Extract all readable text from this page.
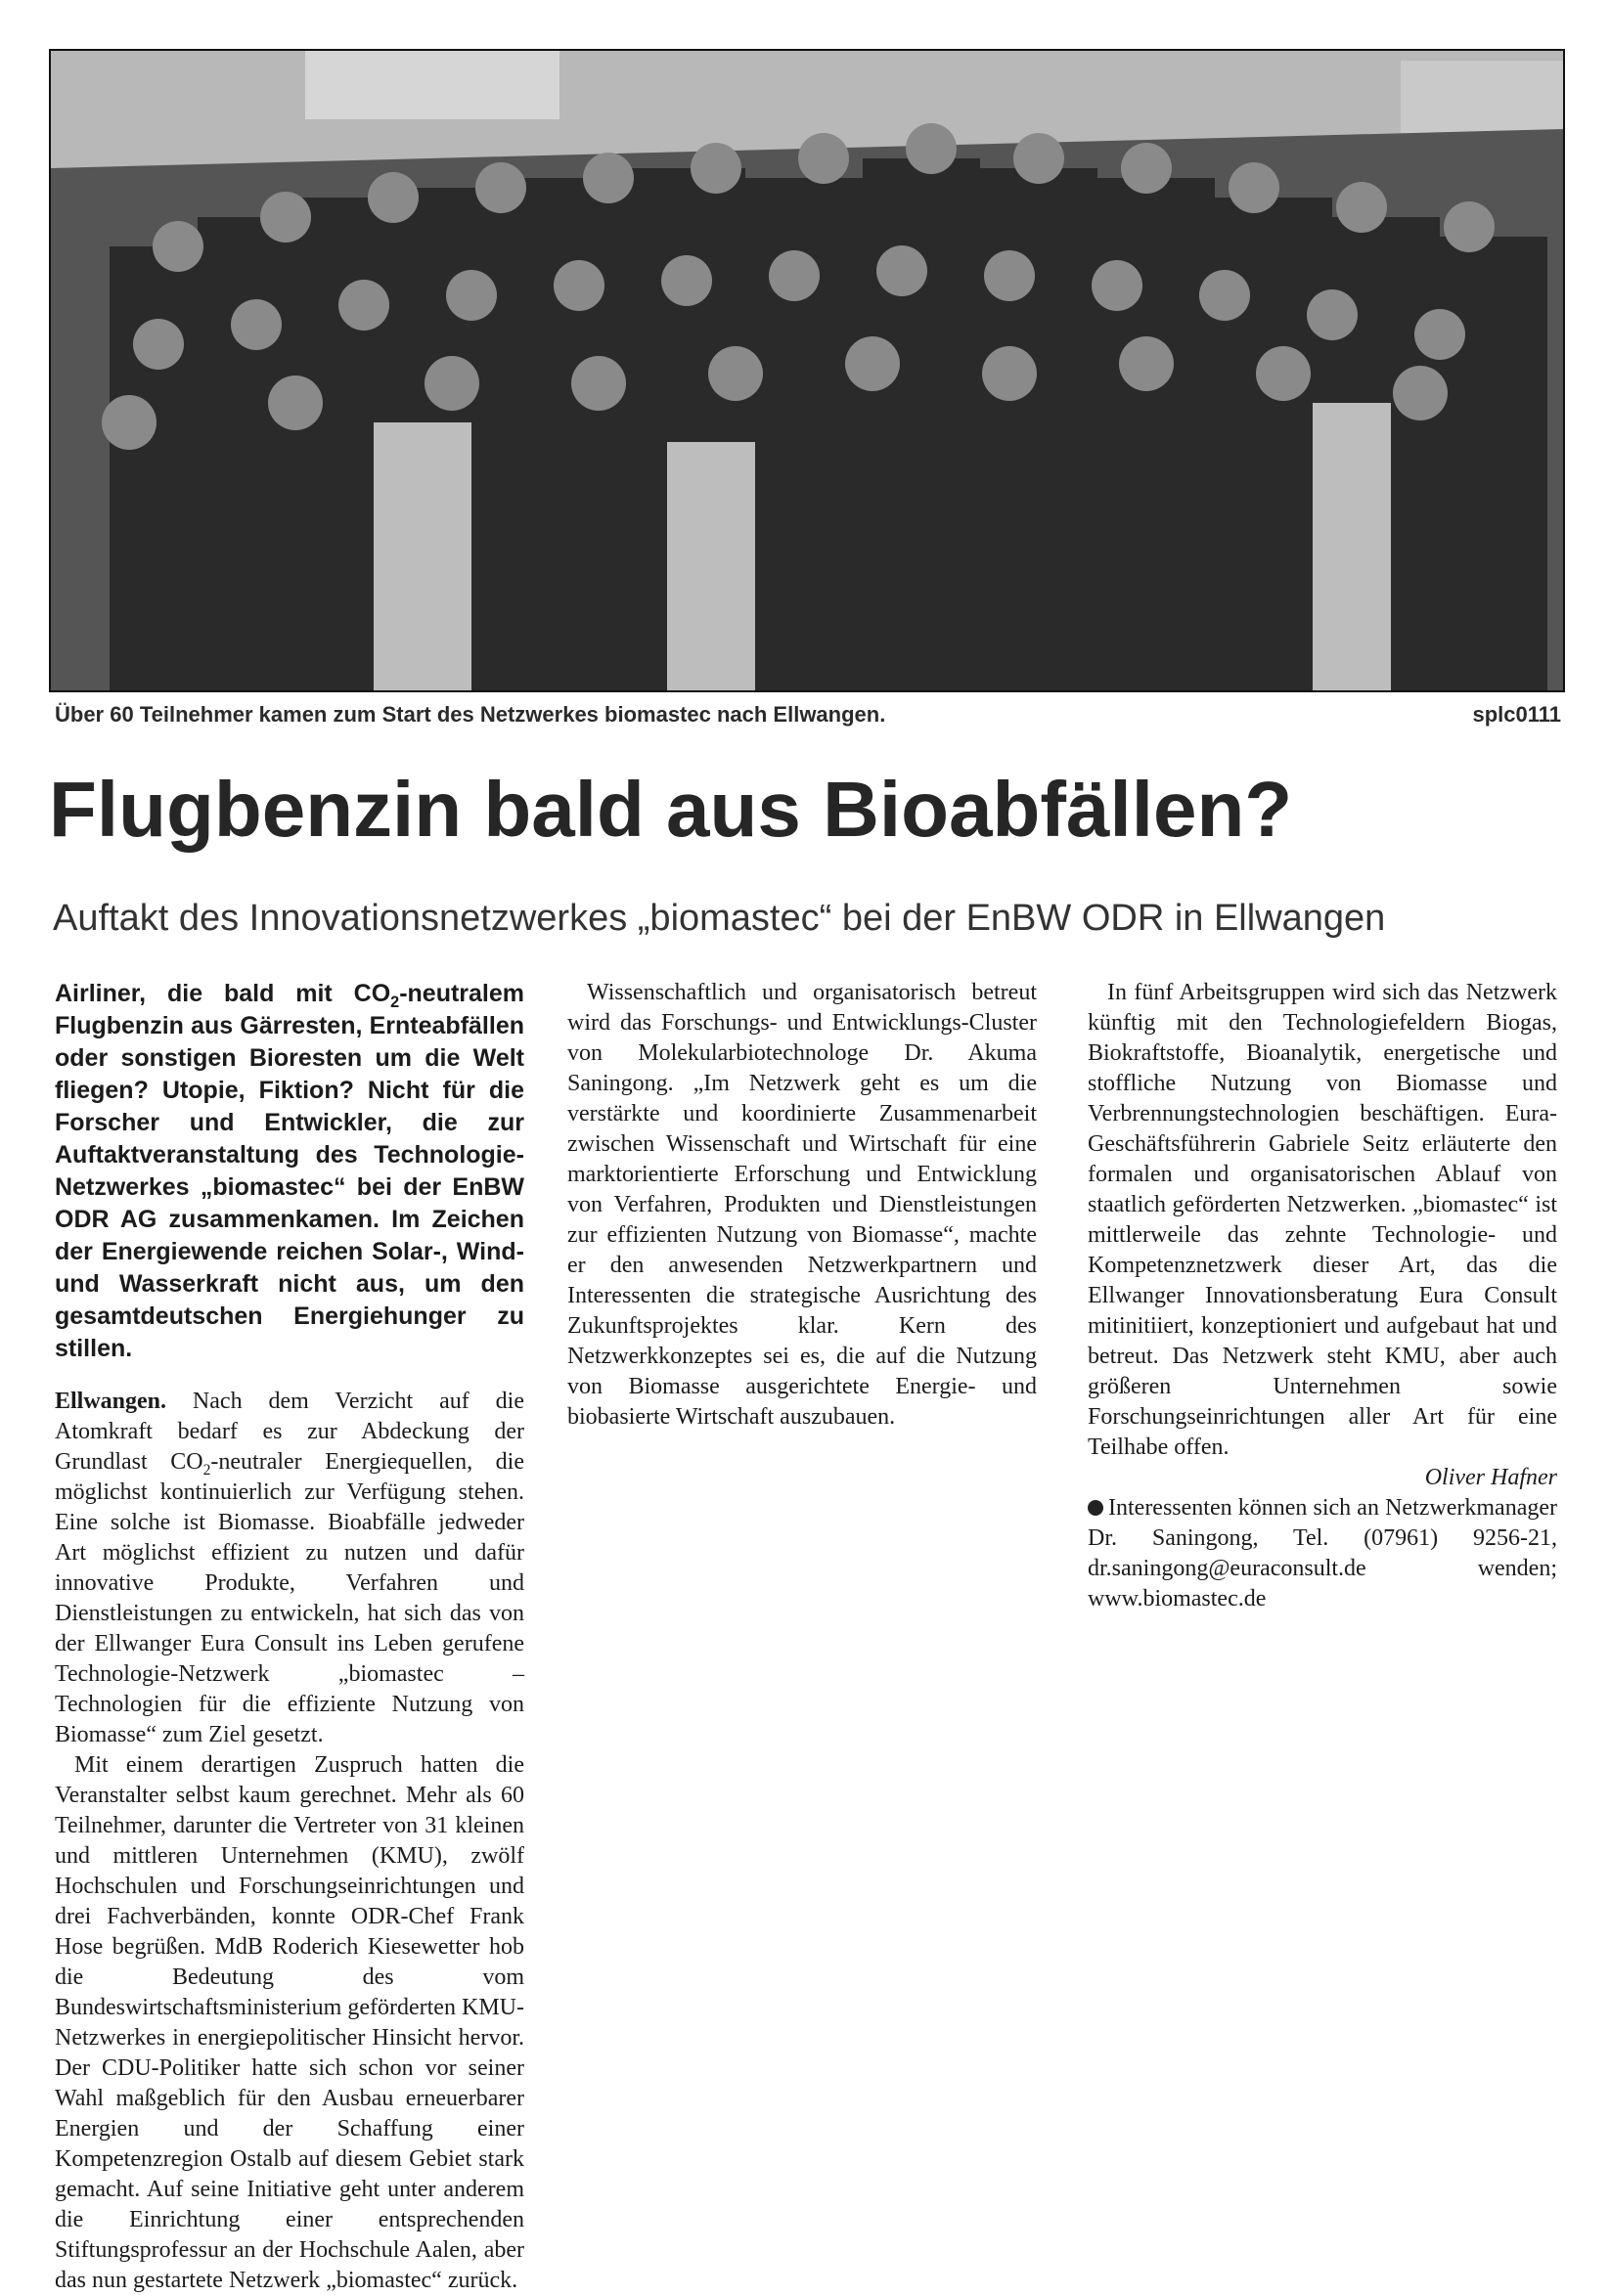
Über 60 Teilnehmer kamen zum Start des Netzwerkes biomastec nach Ellwangen.	splc0111
Flugbenzin bald aus Bioabfällen?
Auftakt des Innovationsnetzwerkes „biomastec“ bei der EnBW ODR in Ellwangen
Airliner, die bald mit $CO_2$-neutralem Flugbenzin aus Gärresten, Ernteabfällen oder sonstigen Bioresten um die Welt fliegen? Utopie, Fiktion? Nicht für die Forscher und Entwickler, die zur Auftaktveranstaltung des Technologie-Netzwerkes „biomastec“ bei der EnBW ODR AG zusammenkamen. Im Zeichen der Energiewende reichen Solar-, Wind- und Wasserkraft nicht aus, um den gesamtdeutschen Energiehunger zu stillen.

Ellwangen. Nach dem Verzicht auf die Atomkraft bedarf es zur Abdeckung der Grundlast $CO_2$-neutraler Energiequellen, die möglichst kontinuierlich zur Verfügung stehen. Eine solche ist Biomasse. Bioabfälle jedweder Art möglichst effizient zu nutzen und dafür innovative Produkte, Verfahren und Dienstleistungen zu entwickeln, hat sich das von der Ellwanger Eura Consult ins Leben gerufene Technologie-Netzwerk „biomastec – Technologien für die effiziente Nutzung von Biomasse“ zum Ziel gesetzt.

Mit einem derartigen Zuspruch hatten die Veranstalter selbst kaum gerechnet. Mehr als 60 Teilnehmer, darunter die Vertreter von 31 kleinen und mittleren Unternehmen (KMU), zwölf Hochschulen und Forschungseinrichtungen und drei Fachverbänden, konnte ODR-Chef Frank Hose begrüßen. MdB Roderich Kiesewetter hob die Bedeutung des vom Bundeswirtschaftsministerium geförderten KMU-Netzwerkes in energiepolitischer Hinsicht hervor. Der CDU-Politiker hatte sich schon vor seiner Wahl maßgeblich für den Ausbau erneuerbarer Energien und der Schaffung einer Kompetenzregion Ostalb auf diesem Gebiet stark gemacht. Auf seine Initiative geht unter anderem die Einrichtung einer entsprechenden Stiftungsprofessur an der Hochschule Aalen, aber das nun gestartete Netzwerk „biomastec“ zurück.

Wissenschaftlich und organisatorisch betreut wird das Forschungs- und Entwicklungs-Cluster von Molekularbiotechnologe Dr. Akuma Saningong. „Im Netzwerk geht es um die verstärkte und koordinierte Zusammenarbeit zwischen Wissenschaft und Wirtschaft für eine marktorientierte Erforschung und Entwicklung von Verfahren, Produkten und Dienstleistungen zur effizienten Nutzung von Biomasse“, machte er den anwesenden Netzwerkpartnern und Interessenten die strategische Ausrichtung des Zukunftsprojektes klar. Kern des Netzwerkkonzeptes sei es, die auf die Nutzung von Biomasse ausgerichtete Energie- und biobasierte Wirtschaft auszubauen.

In fünf Arbeitsgruppen wird sich das Netzwerk künftig mit den Technologiefeldern Biogas, Biokraftstoffe, Bioanalytik, energetische und stoffliche Nutzung von Biomasse und Verbrennungstechnologien beschäftigen. Eura-Geschäftsführerin Gabriele Seitz erläuterte den formalen und organisatorischen Ablauf von staatlich geförderten Netzwerken. „biomastec“ ist mittlerweile das zehnte Technologie- und Kompetenznetzwerk dieser Art, das die Ellwanger Innovationsberatung Eura Consult mitinitiiert, konzeptioniert und aufgebaut hat und betreut. Das Netzwerk steht KMU, aber auch größeren Unternehmen sowie Forschungseinrichtungen aller Art für eine Teilhabe offen.

Oliver Hafner

Interessenten können sich an Netzwerkmanager Dr. Saningong, Tel. (07961) 9256-21, dr.saningong@euraconsult.de wenden; www.biomastec.de
